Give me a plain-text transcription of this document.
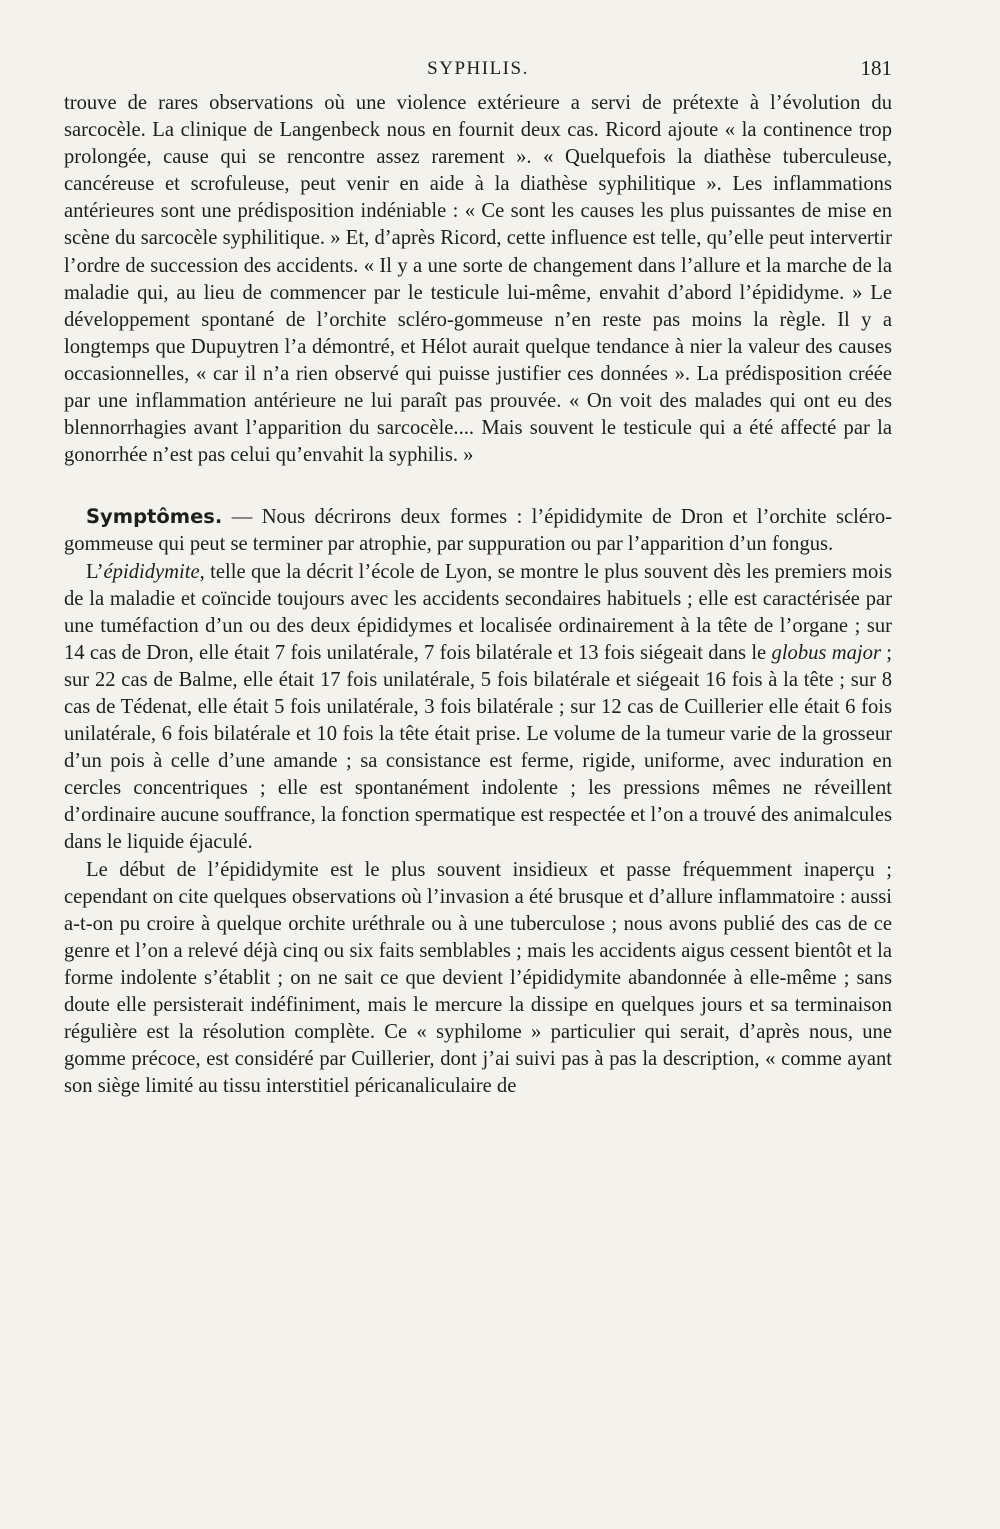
SYPHILIS.	181

trouve de rares observations où une violence extérieure a servi de prétexte à l’évolution du sarcocèle. La clinique de Langenbeck nous en fournit deux cas. Ricord ajoute « la continence trop prolongée, cause qui se rencontre assez rarement ». « Quelquefois la diathèse tuberculeuse, cancéreuse et scrofuleuse, peut venir en aide à la diathèse syphilitique ». Les inflammations antérieures sont une prédisposition indéniable : « Ce sont les causes les plus puissantes de mise en scène du sarcocèle syphilitique. » Et, d’après Ricord, cette influence est telle, qu’elle peut intervertir l’ordre de succession des accidents. « Il y a une sorte de changement dans l’allure et la marche de la maladie qui, au lieu de commencer par le testicule lui-même, envahit d’abord l’épididyme. » Le développement spontané de l’orchite scléro-gommeuse n’en reste pas moins la règle. Il y a longtemps que Dupuytren l’a démontré, et Hélot aurait quelque tendance à nier la valeur des causes occasionnelles, « car il n’a rien observé qui puisse justifier ces données ». La prédisposition créée par une inflammation antérieure ne lui paraît pas prouvée. « On voit des malades qui ont eu des blennorrhagies avant l’apparition du sarcocèle.... Mais souvent le testicule qui a été affecté par la gonorrhée n’est pas celui qu’envahit la syphilis. »

Symptômes. — Nous décrirons deux formes : l’épididymite de Dron et l’orchite scléro-gommeuse qui peut se terminer par atrophie, par suppuration ou par l’apparition d’un fongus.

L’épididymite, telle que la décrit l’école de Lyon, se montre le plus souvent dès les premiers mois de la maladie et coïncide toujours avec les accidents secondaires habituels ; elle est caractérisée par une tuméfaction d’un ou des deux épididymes et localisée ordinairement à la tête de l’organe ; sur 14 cas de Dron, elle était 7 fois unilatérale, 7 fois bilatérale et 13 fois siégeait dans le globus major ; sur 22 cas de Balme, elle était 17 fois unilatérale, 5 fois bilatérale et siégeait 16 fois à la tête ; sur 8 cas de Tédenat, elle était 5 fois unilatérale, 3 fois bilatérale ; sur 12 cas de Cuillerier elle était 6 fois unilatérale, 6 fois bilatérale et 10 fois la tête était prise. Le volume de la tumeur varie de la grosseur d’un pois à celle d’une amande ; sa consistance est ferme, rigide, uniforme, avec induration en cercles concentriques ; elle est spontanément indolente ; les pressions mêmes ne réveillent d’ordinaire aucune souffrance, la fonction spermatique est respectée et l’on a trouvé des animalcules dans le liquide éjaculé.

Le début de l’épididymite est le plus souvent insidieux et passe fréquemment inaperçu ; cependant on cite quelques observations où l’invasion a été brusque et d’allure inflammatoire : aussi a-t-on pu croire à quelque orchite uréthrale ou à une tuberculose ; nous avons publié des cas de ce genre et l’on a relevé déjà cinq ou six faits semblables ; mais les accidents aigus cessent bientôt et la forme indolente s’établit ; on ne sait ce que devient l’épididymite abandonnée à elle-même ; sans doute elle persisterait indéfiniment, mais le mercure la dissipe en quelques jours et sa terminaison régulière est la résolution complète. Ce « syphilome » particulier qui serait, d’après nous, une gomme précoce, est considéré par Cuillerier, dont j’ai suivi pas à pas la description, « comme ayant son siège limité au tissu interstitiel péricanaliculaire de
